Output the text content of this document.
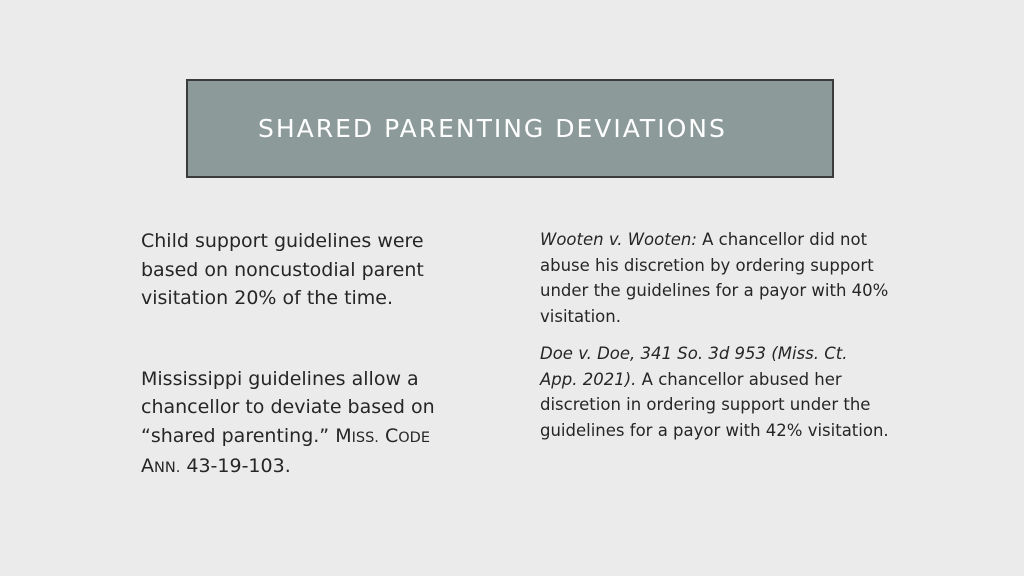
SHARED PARENTING DEVIATIONS

Child support guidelines were based on noncustodial parent visitation 20% of the time.

Mississippi guidelines allow a chancellor to deviate based on “shared parenting.” MISS. CODE ANN. 43-19-103.

Wooten v. Wooten: A chancellor did not abuse his discretion by ordering support under the guidelines for a payor with 40% visitation.

Doe v. Doe, 341 So. 3d 953 (Miss. Ct. App. 2021). A chancellor abused her discretion in ordering support under the guidelines for a payor with 42% visitation.
